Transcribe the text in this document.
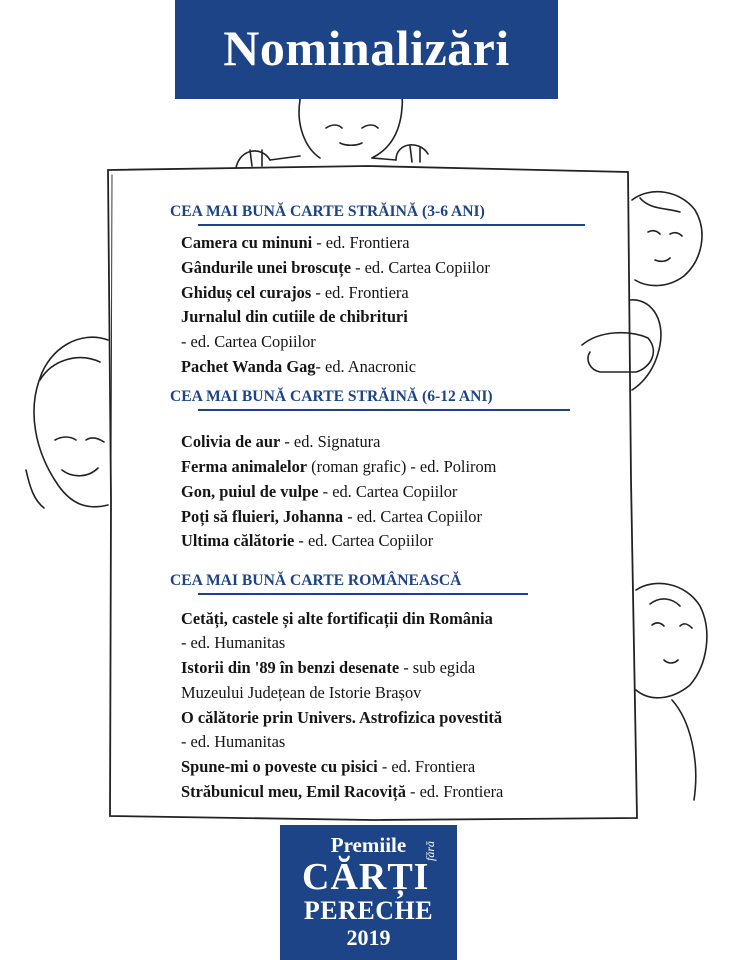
Nominalizări
CEA MAI BUNĂ CARTE STRĂINĂ (3-6 ANI)
Camera cu minuni - ed. Frontiera
Gândurile unei broscuțe - ed. Cartea Copiilor
Ghiduș cel curajos - ed. Frontiera
Jurnalul din cutiile de chibrituri
- ed. Cartea Copiilor
Pachet Wanda Gag- ed. Anacronic
CEA MAI BUNĂ CARTE STRĂINĂ (6-12 ANI)
Colivia de aur - ed. Signatura
Ferma animalelor (roman grafic) - ed. Polirom
Gon, puiul de vulpe - ed. Cartea Copiilor
Poți să fluieri, Johanna - ed. Cartea Copiilor
Ultima călătorie - ed. Cartea Copiilor
CEA MAI BUNĂ CARTE ROMÂNEASCĂ
Cetăți, castele și alte fortificații din România
- ed. Humanitas
Istorii din '89 în benzi desenate - sub egida
Muzeului Județean de Istorie Brașov
O călătorie prin Univers. Astrofizica povestită
- ed. Humanitas
Spune-mi o poveste cu pisici - ed. Frontiera
Străbunicul meu, Emil Racoviță - ed. Frontiera
Premiile
CĂRȚI
fără
PERECHE
2019
